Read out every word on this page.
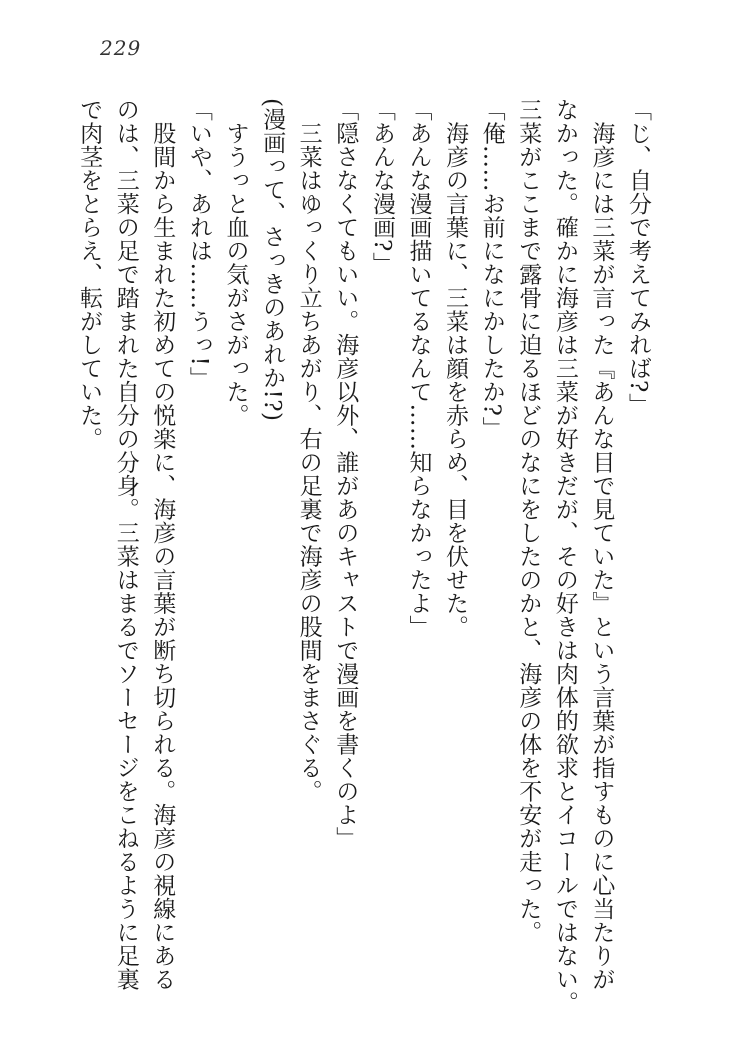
229
「じ、自分で考えてみれば?」
　海彦には三菜が言った『あんな目で見ていた』という言葉が指すものに心当たりが
なかった。確かに海彦は三菜が好きだが、その好きは肉体的欲求とイコールではない。
三菜がここまで露骨に迫るほどのなにをしたのかと、海彦の体を不安が走った。
「俺……お前になにかしたか?」
　海彦の言葉に、三菜は顔を赤らめ、目を伏せた。
「あんな漫画描いてるなんて……知らなかったよ」
「あんな漫画?」
「隠さなくてもいい。海彦以外、誰があのキャストで漫画を書くのよ」
　三菜はゆっくり立ちあがり、右の足裏で海彦の股間をまさぐる。
(漫画って、さっきのあれか!?)
　すうっと血の気がさがった。
「いや、あれは……うっ!」
　股間から生まれた初めての悦楽に、海彦の言葉が断ち切られる。海彦の視線にある
のは、三菜の足で踏まれた自分の分身。三菜はまるでソーセージをこねるように足裏
で肉茎をとらえ、転がしていた。
